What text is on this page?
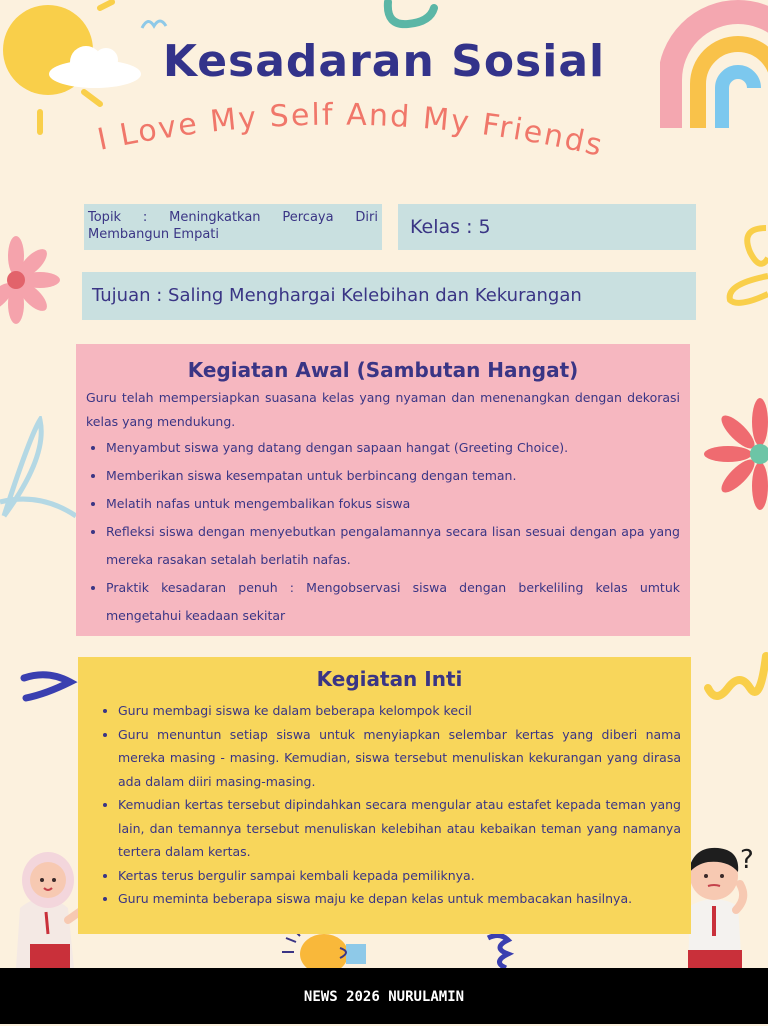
?
Kesadaran Sosial
I Love My Self And My Friends
Topik : Meningkatkan Percaya Diri Membangun Empati	Kelas : 5
Tujuan : Saling Menghargai Kelebihan dan Kekurangan
Kegiatan Awal (Sambutan Hangat)

Guru telah mempersiapkan suasana kelas yang nyaman dan menenangkan dengan dekorasi kelas yang mendukung.

• Menyambut siswa yang datang dengan sapaan hangat (Greeting Choice).
• Memberikan siswa kesempatan untuk berbincang dengan teman.
• Melatih nafas untuk mengembalikan fokus siswa
• Refleksi siswa dengan menyebutkan pengalamannya secara lisan sesuai dengan apa yang mereka rasakan setalah berlatih nafas.
• Praktik kesadaran penuh : Mengobservasi siswa dengan berkeliling kelas umtuk mengetahui keadaan sekitar
Kegiatan Inti
• Guru membagi siswa ke dalam beberapa kelompok kecil
• Guru menuntun setiap siswa untuk menyiapkan selembar kertas yang diberi nama mereka masing - masing. Kemudian, siswa tersebut menuliskan kekurangan yang dirasa ada dalam diiri masing-masing.
• Kemudian kertas tersebut dipindahkan secara mengular atau estafet kepada teman yang lain, dan temannya tersebut menuliskan kelebihan atau kebaikan teman yang namanya tertera dalam kertas.
• Kertas terus bergulir sampai kembali kepada pemiliknya.
• Guru meminta beberapa siswa maju ke depan kelas untuk membacakan hasilnya.
NEWS 2026 NURULAMIN
